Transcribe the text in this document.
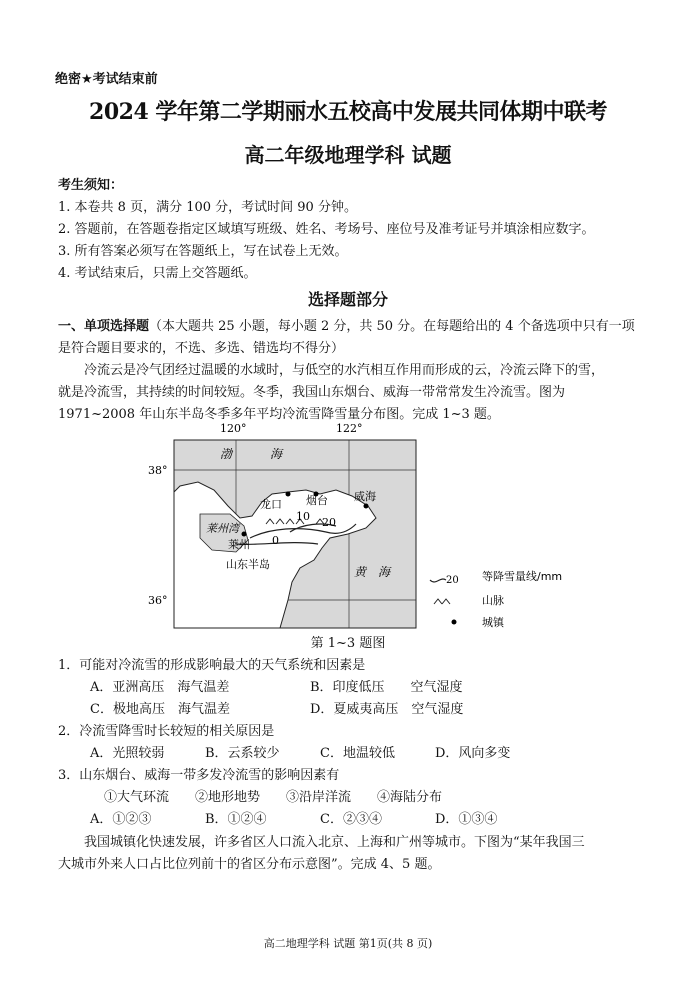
绝密★考试结束前
2024 学年第二学期丽水五校高中发展共同体期中联考
高二年级地理学科 试题
考生须知：
1. 本卷共 8 页，满分 100 分，考试时间 90 分钟。
2. 答题前，在答题卷指定区域填写班级、姓名、考场号、座位号及准考证号并填涂相应数字。
3. 所有答案必须写在答题纸上，写在试卷上无效。
4. 考试结束后，只需上交答题纸。
选择题部分
一、单项选择题（本大题共 25 小题，每小题 2 分，共 50 分。在每题给出的 4 个备选项中只有一项是符合题目要求的，不选、多选、错选均不得分）
冷流云是冷气团经过温暖的水域时，与低空的水汽相互作用而形成的云，冷流云降下的雪，
就是冷流雪，其持续的时间较短。冬季，我国山东烟台、威海一带常常发生冷流雪。图为
1971~2008 年山东半岛冬季多年平均冷流雪降雪量分布图。完成 1~3 题。
120°	122°
38°
36°
渤	海
黄　海
莱州湾
龙口 烟台 威海
莱州
山东半岛
10 20
0
20 等降雪量线/mm
山脉
城镇
第 1~3 题图
1．可能对冷流雪的形成影响最大的天气系统和因素是
A．亚洲高压　海气温差	B．印度低压　　空气湿度
C．极地高压　海气温差	D．夏威夷高压　空气湿度
2．冷流雪降雪时长较短的相关原因是
A．光照较弱	B．云系较少	C．地温较低	D．风向多变
3．山东烟台、威海一带多发冷流雪的影响因素有
①大气环流　　②地形地势　　③沿岸洋流　　④海陆分布
A．①②③	B．①②④	C．②③④	D．①③④
我国城镇化快速发展，许多省区人口流入北京、上海和广州等城市。下图为“某年我国三
大城市外来人口占比位列前十的省区分布示意图”。完成 4、5 题。
高二地理学科 试题 第1页(共 8 页)
